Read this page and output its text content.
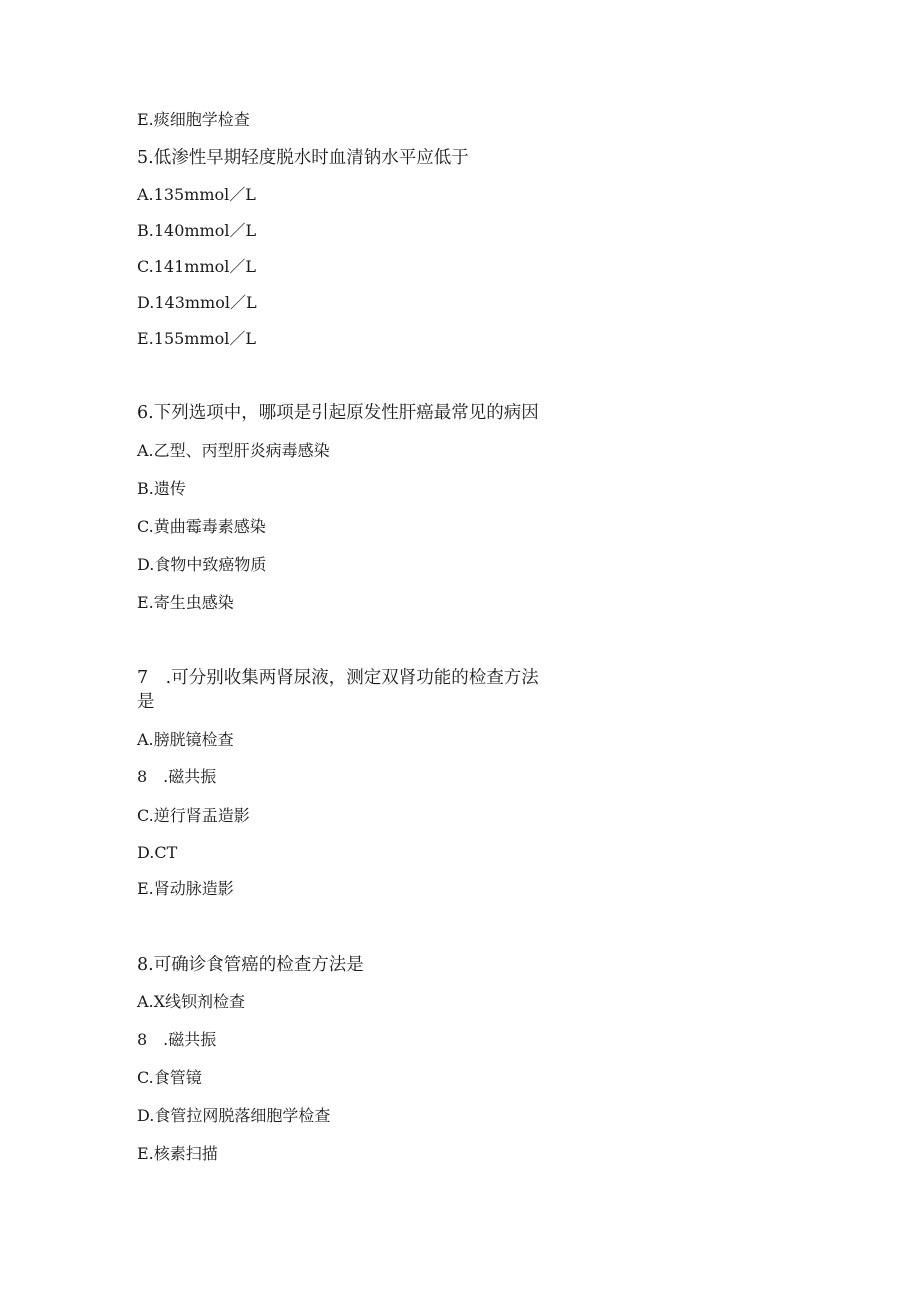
E.痰细胞学检查
5.低渗性早期轻度脱水时血清钠水平应低于
A.135mmol／L
B.140mmol／L
C.141mmol／L
D.143mmol／L
E.155mmol／L
6.下列选项中，哪项是引起原发性肝癌最常见的病因
A.乙型、丙型肝炎病毒感染
B.遗传
C.黄曲霉毒素感染
D.食物中致癌物质
E.寄生虫感染
7　.可分别收集两肾尿液，测定双肾功能的检查方法
是
A.膀胱镜检查
8　.磁共振
C.逆行肾盂造影
D.CT
E.肾动脉造影
8.可确诊食管癌的检查方法是
A.X线钡剂检查
8　.磁共振
C.食管镜
D.食管拉网脱落细胞学检查
E.核素扫描
